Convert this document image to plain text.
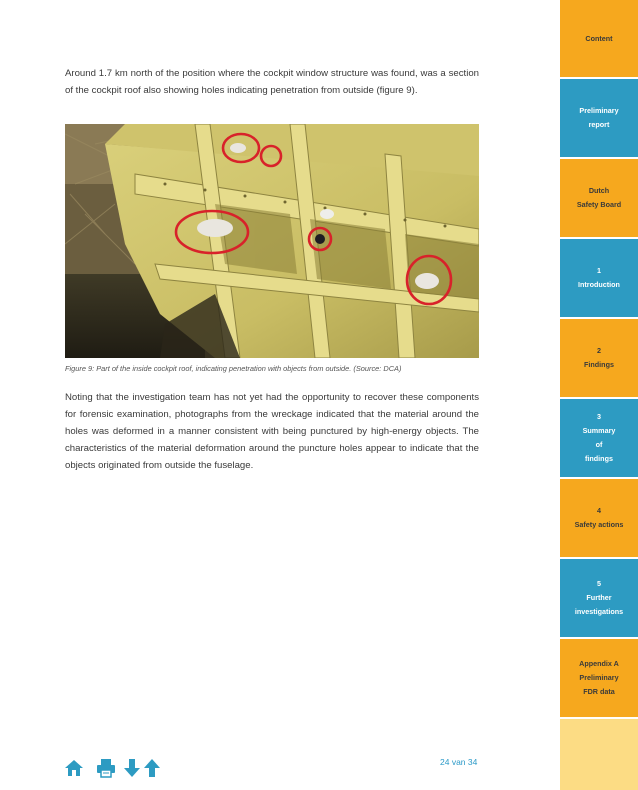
Around 1.7 km north of the position where the cockpit window structure was found, was a section of the cockpit roof also showing holes indicating penetration from outside (figure 9).

Figure 9: Part of the inside cockpit roof, indicating penetration with objects from outside. (Source: DCA)

Noting that the investigation team has not yet had the opportunity to recover these components for forensic examination, photographs from the wreckage indicated that the material around the holes was deformed in a manner consistent with being punctured by high-energy objects. The characteristics of the material deformation around the puncture holes appear to indicate that the objects originated from outside the fuselage.

24 van 34
Content
Preliminary
report
Dutch
Safety Board
1
Introduction
2
Findings
3
Summary
of
findings
4
Safety actions
5
Further
investigations
Appendix A
Preliminary
FDR data
